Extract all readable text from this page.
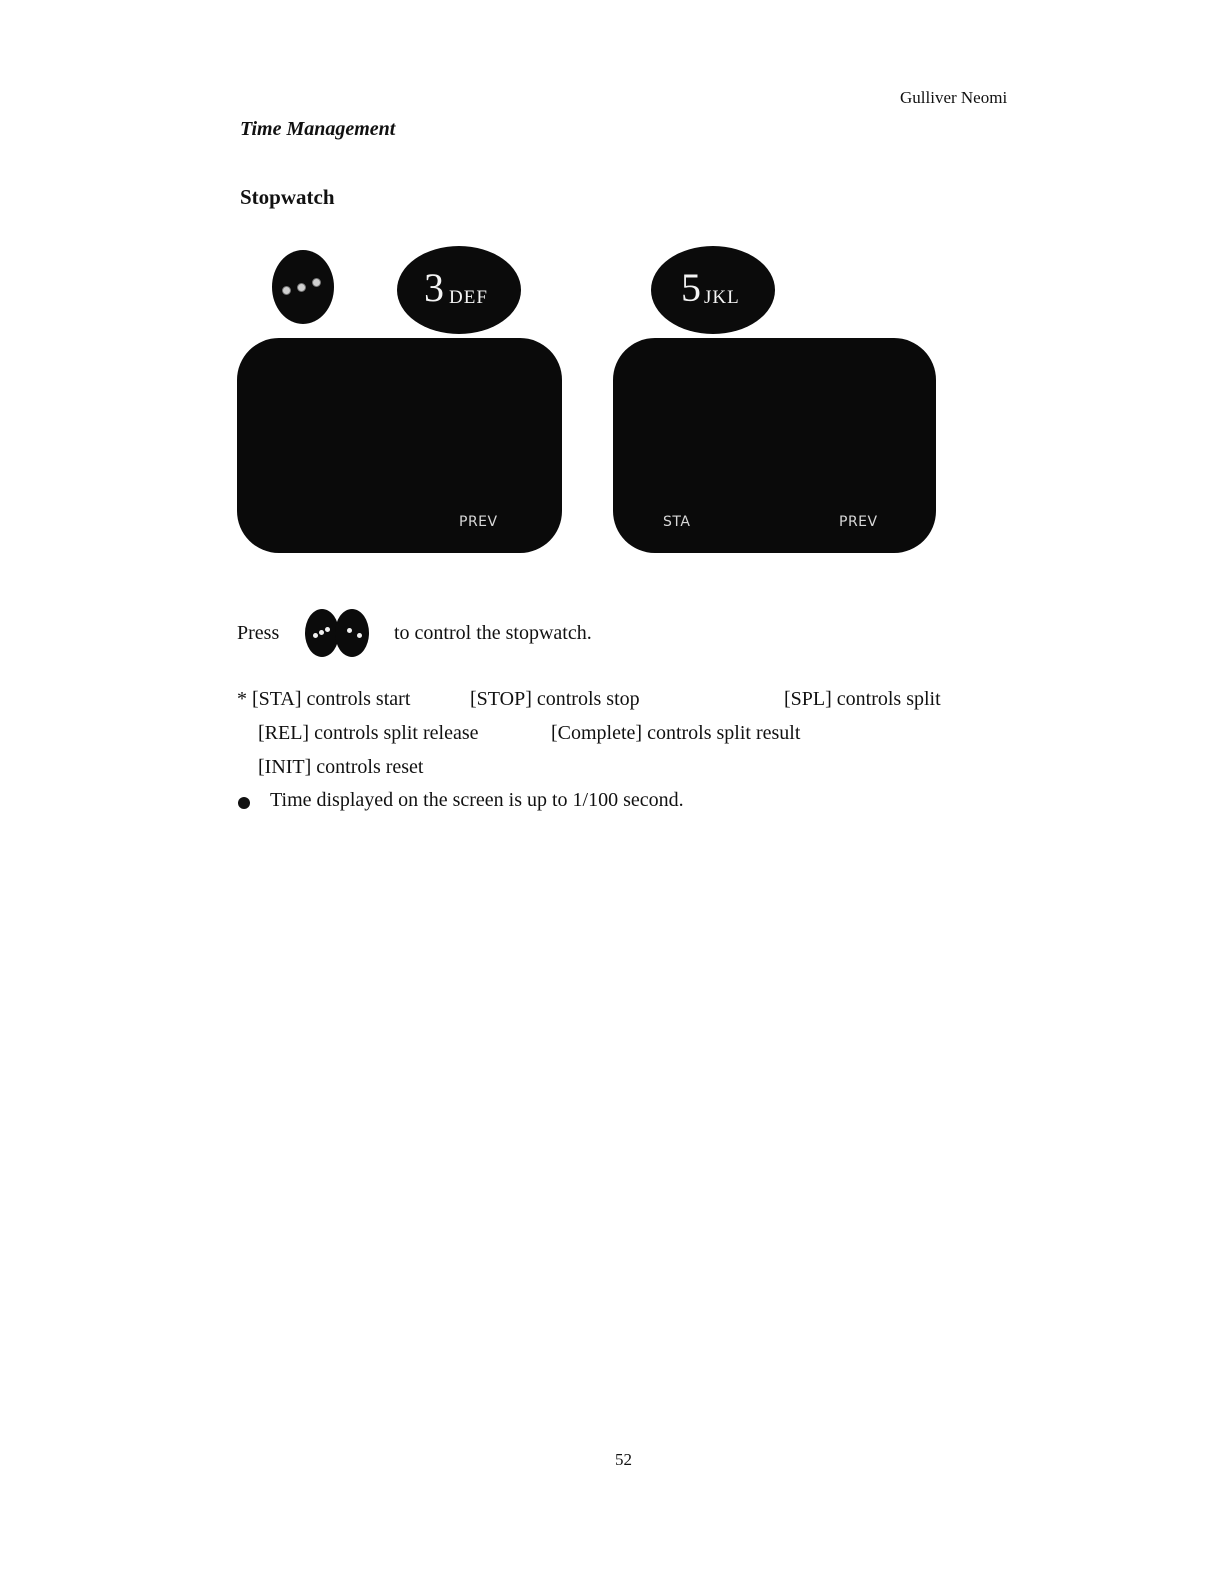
Gulliver Neomi
Time Management
Stopwatch
3 DEF	5 JKL
PREV	STA	PREV
Press	to control the stopwatch.
* [STA] controls start	[STOP] controls stop	[SPL] controls split
[REL] controls split release	[Complete] controls split result
[INIT] controls reset
Time displayed on the screen is up to 1/100 second.
52
